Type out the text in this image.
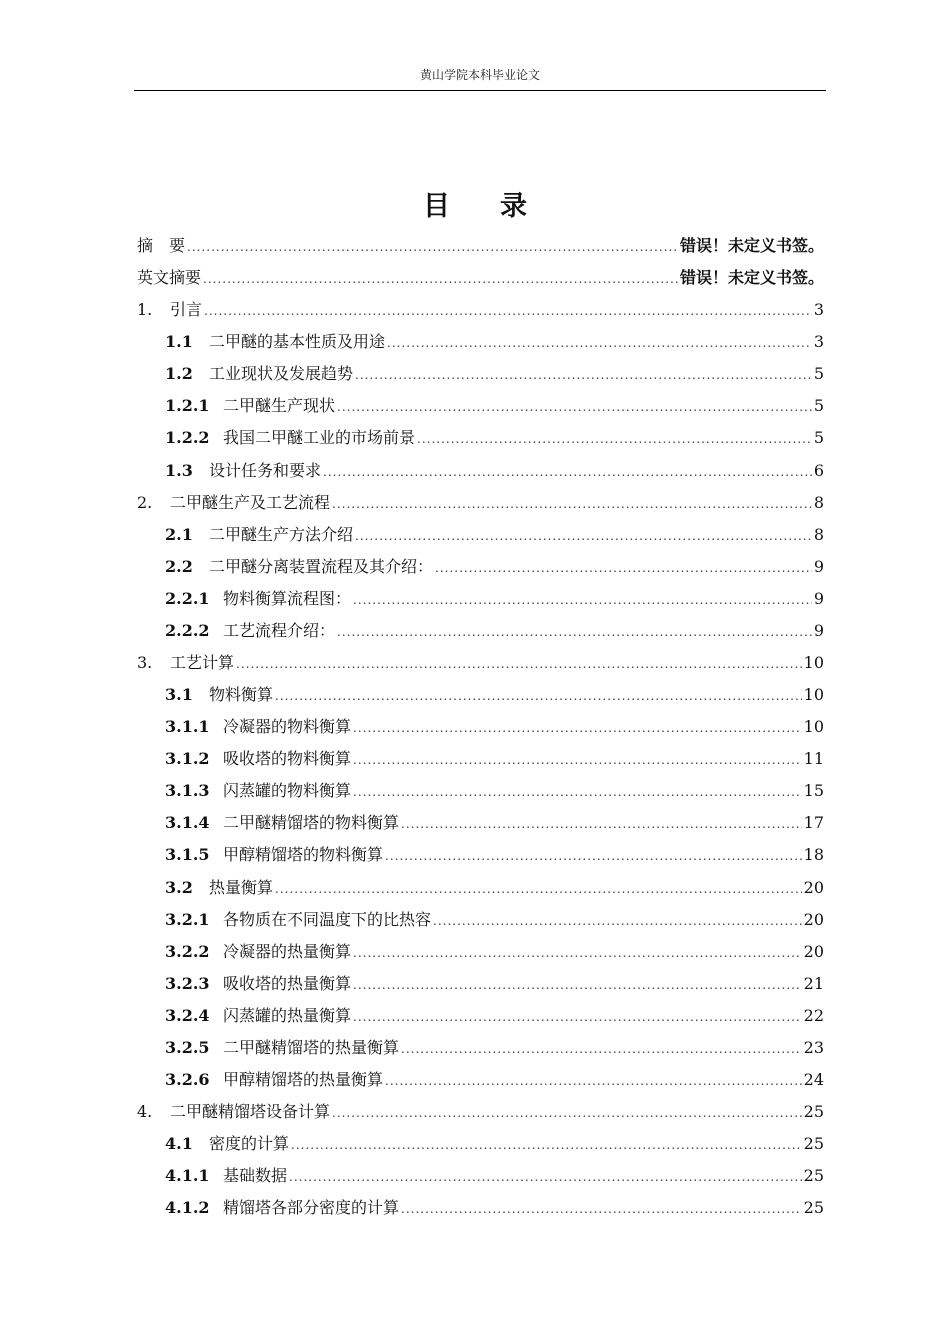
黄山学院本科毕业论文
目录
摘　要 .....	错误！未定义书签。
英文摘要 .....	错误！未定义书签。
1.	引言 .....	3
1.1	二甲醚的基本性质及用途 .....	3
1.2	工业现状及发展趋势 .....	5
1.2.1 二甲醚生产现状 .....	5
1.2.2 我国二甲醚工业的市场前景 .....	5
1.3	设计任务和要求 .....	6
2.	二甲醚生产及工艺流程 .....	8
2.1	二甲醚生产方法介绍 .....	8
2.2	二甲醚分离装置流程及其介绍： .....	9
2.2.1 物料衡算流程图： .....	9
2.2.2 工艺流程介绍： .....	9
3.	工艺计算 .....	10
3.1	物料衡算 .....	10
3.1.1 冷凝器的物料衡算 .....	10
3.1.2 吸收塔的物料衡算 .....	11
3.1.3 闪蒸罐的物料衡算 .....	15
3.1.4 二甲醚精馏塔的物料衡算 .....	17
3.1.5 甲醇精馏塔的物料衡算 .....	18
3.2	热量衡算 .....	20
3.2.1 各物质在不同温度下的比热容 .....	20
3.2.2 冷凝器的热量衡算 .....	20
3.2.3 吸收塔的热量衡算 .....	21
3.2.4 闪蒸罐的热量衡算 .....	22
3.2.5 二甲醚精馏塔的热量衡算 .....	23
3.2.6 甲醇精馏塔的热量衡算 .....	24
4.	二甲醚精馏塔设备计算 .....	25
4.1	密度的计算 .....	25
4.1.1 基础数据 .....	25
4.1.2 精馏塔各部分密度的计算 .....	25
